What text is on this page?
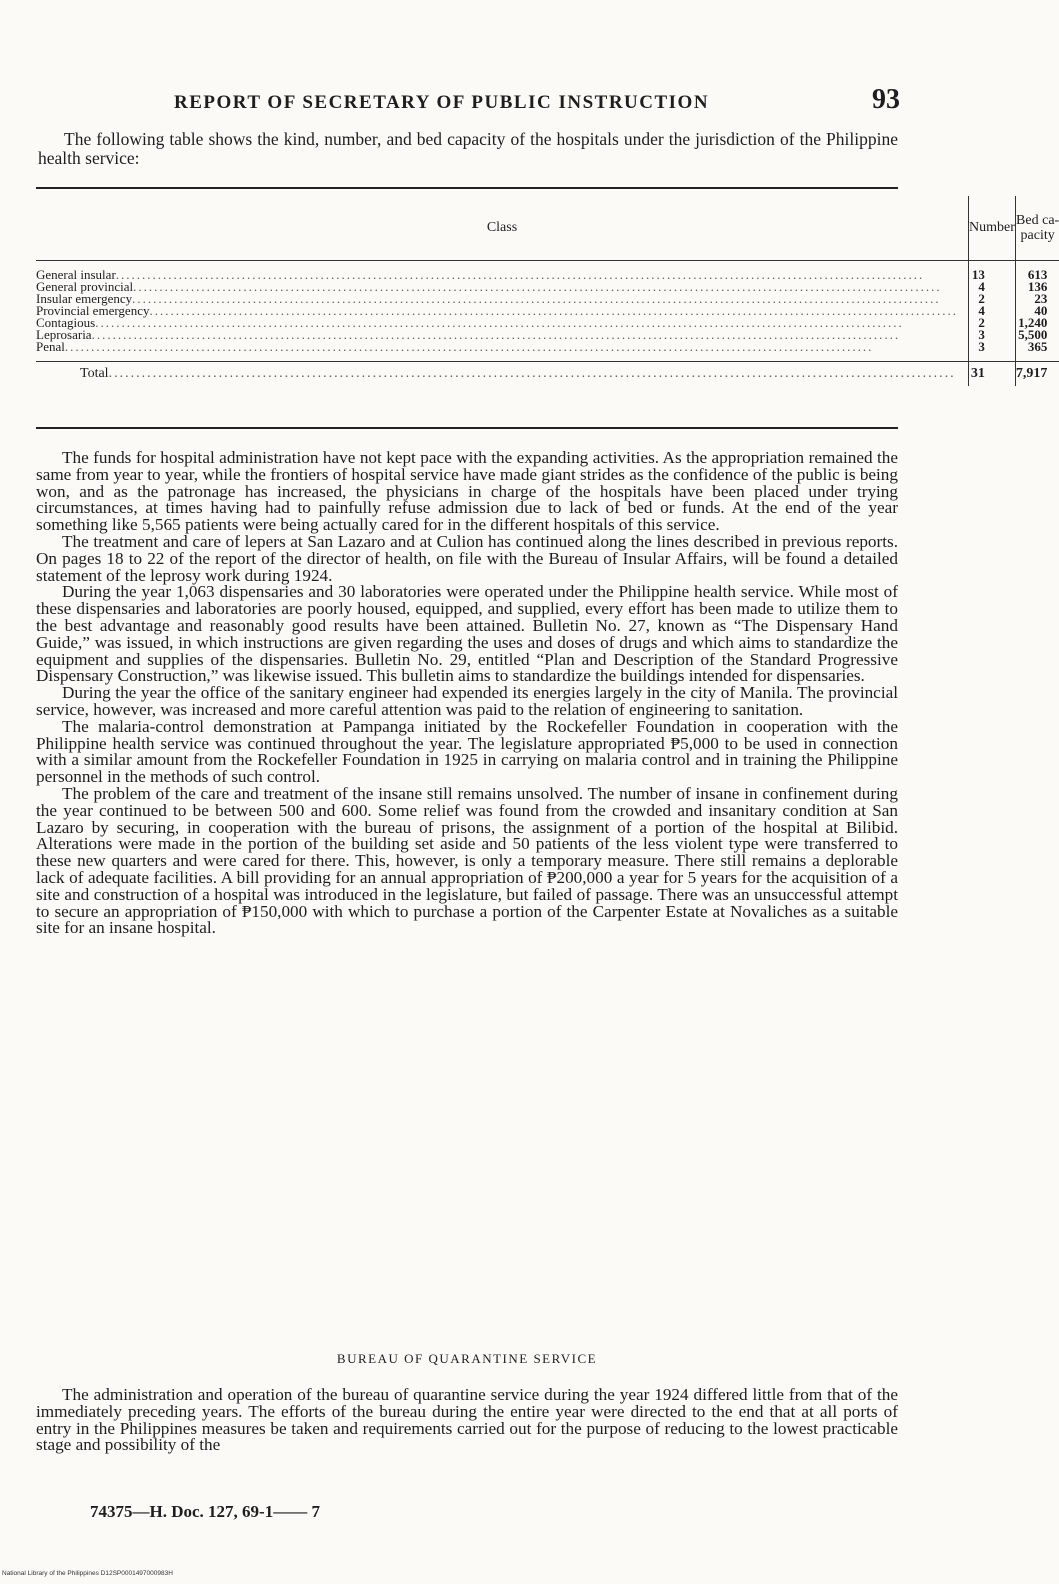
REPORT OF SECRETARY OF PUBLIC INSTRUCTION	93

The following table shows the kind, number, and bed capacity of the hospitals under the jurisdiction of the Philippine health service:

Class	Number	Bed ca-
pacity

General insular ..........................................................................................................................................................	13	613

General provincial ..........................................................................................................................................................	4	136

Insular emergency ..........................................................................................................................................................	2	23

Provincial emergency ..........................................................................................................................................................	4	40

Contagious ..........................................................................................................................................................	2	1,240

Leprosaria ..........................................................................................................................................................	3	5,500

Penal ..........................................................................................................................................................	3	365

Total ..........................................................................................................................................................	31	7,917

The funds for hospital administration have not kept pace with the expanding activities. As the appropriation remained the same from year to year, while the frontiers of hospital service have made giant strides as the confidence of the public is being won, and as the patronage has increased, the physicians in charge of the hospitals have been placed under trying circumstances, at times having had to painfully refuse admission due to lack of bed or funds. At the end of the year something like 5,565 patients were being actually cared for in the different hospitals of this service.

The treatment and care of lepers at San Lazaro and at Culion has continued along the lines described in previous reports. On pages 18 to 22 of the report of the director of health, on file with the Bureau of Insular Affairs, will be found a detailed statement of the leprosy work during 1924.

During the year 1,063 dispensaries and 30 laboratories were operated under the Philippine health service. While most of these dispensaries and laboratories are poorly housed, equipped, and supplied, every effort has been made to utilize them to the best advantage and reasonably good results have been attained. Bulletin No. 27, known as “The Dispensary Hand Guide,” was issued, in which instructions are given regarding the uses and doses of drugs and which aims to standardize the equipment and supplies of the dispensaries. Bulletin No. 29, entitled “Plan and Description of the Standard Progressive Dispensary Construction,” was likewise issued. This bulletin aims to standardize the buildings intended for dispensaries.

During the year the office of the sanitary engineer had expended its energies largely in the city of Manila. The provincial service, however, was increased and more careful attention was paid to the relation of engineering to sanitation.

The malaria-control demonstration at Pampanga initiated by the Rockefeller Foundation in cooperation with the Philippine health service was continued throughout the year. The legislature appropriated ₱5,000 to be used in connection with a similar amount from the Rockefeller Foundation in 1925 in carrying on malaria control and in training the Philippine personnel in the methods of such control.

The problem of the care and treatment of the insane still remains unsolved. The number of insane in confinement during the year continued to be between 500 and 600. Some relief was found from the crowded and insanitary condition at San Lazaro by securing, in cooperation with the bureau of prisons, the assignment of a portion of the hospital at Bilibid. Alterations were made in the portion of the building set aside and 50 patients of the less violent type were transferred to these new quarters and were cared for there. This, however, is only a temporary measure. There still remains a deplorable lack of adequate facilities. A bill providing for an annual appropriation of ₱200,000 a year for 5 years for the acquisition of a site and construction of a hospital was introduced in the legislature, but failed of passage. There was an unsuccessful attempt to secure an appropriation of ₱150,000 with which to purchase a portion of the Carpenter Estate at Novaliches as a suitable site for an insane hospital.

BUREAU OF QUARANTINE SERVICE

The administration and operation of the bureau of quarantine service during the year 1924 differed little from that of the immediately preceding years. The efforts of the bureau during the entire year were directed to the end that at all ports of entry in the Philippines measures be taken and requirements carried out for the purpose of reducing to the lowest practicable stage and possibility of the

74375—H. Doc. 127, 69-1—— 7
National Library of the Philippines D12SP0001497000983H
